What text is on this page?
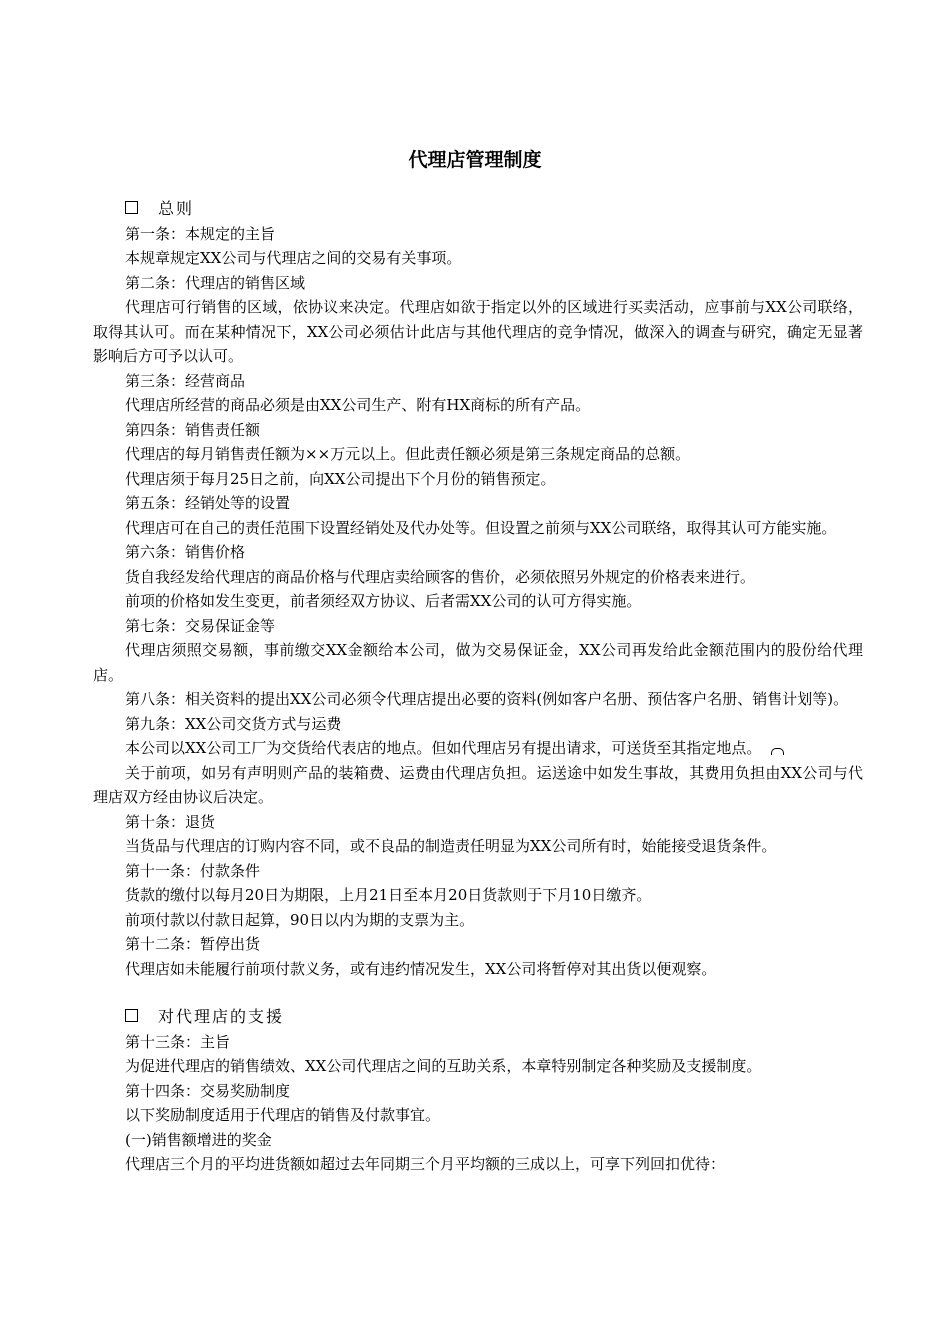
代理店管理制度
总则
第一条：本规定的主旨
本规章规定XX公司与代理店之间的交易有关事项。
第二条：代理店的销售区域
代理店可行销售的区域，依协议来决定。代理店如欲于指定以外的区域进行买卖活动，应事前与XX公司联络，取得其认可。而在某种情况下，XX公司必须估计此店与其他代理店的竞争情况，做深入的调查与研究，确定无显著影响后方可予以认可。
第三条：经营商品
代理店所经营的商品必须是由XX公司生产、附有HX商标的所有产品。
第四条：销售责任额
代理店的每月销售责任额为××万元以上。但此责任额必须是第三条规定商品的总额。
代理店须于每月25日之前，向XX公司提出下个月份的销售预定。
第五条：经销处等的设置
代理店可在自己的责任范围下设置经销处及代办处等。但设置之前须与XX公司联络，取得其认可方能实施。
第六条：销售价格
货自我经发给代理店的商品价格与代理店卖给顾客的售价，必须依照另外规定的价格表来进行。
前项的价格如发生变更，前者须经双方协议、后者需XX公司的认可方得实施。
第七条：交易保证金等
代理店须照交易额，事前缴交XX金额给本公司，做为交易保证金，XX公司再发给此金额范围内的股份给代理店。
第八条：相关资料的提出XX公司必须令代理店提出必要的资料(例如客户名册、预估客户名册、销售计划等)。
第九条：XX公司交货方式与运费
本公司以XX公司工厂为交货给代表店的地点。但如代理店另有提出请求，可送货至其指定地点。
关于前项，如另有声明则产品的装箱费、运费由代理店负担。运送途中如发生事故，其费用负担由XX公司与代理店双方经由协议后决定。
第十条：退货
当货品与代理店的订购内容不同，或不良品的制造责任明显为XX公司所有时，始能接受退货条件。
第十一条：付款条件
货款的缴付以每月20日为期限，上月21日至本月20日货款则于下月10日缴齐。
前项付款以付款日起算，90日以内为期的支票为主。
第十二条：暂停出货
代理店如未能履行前项付款义务，或有违约情况发生，XX公司将暂停对其出货以便观察。
对代理店的支援
第十三条：主旨
为促进代理店的销售绩效、XX公司代理店之间的互助关系，本章特别制定各种奖励及支援制度。
第十四条：交易奖励制度
以下奖励制度适用于代理店的销售及付款事宜。
(一)销售额增进的奖金
代理店三个月的平均进货额如超过去年同期三个月平均额的三成以上，可享下列回扣优待：
